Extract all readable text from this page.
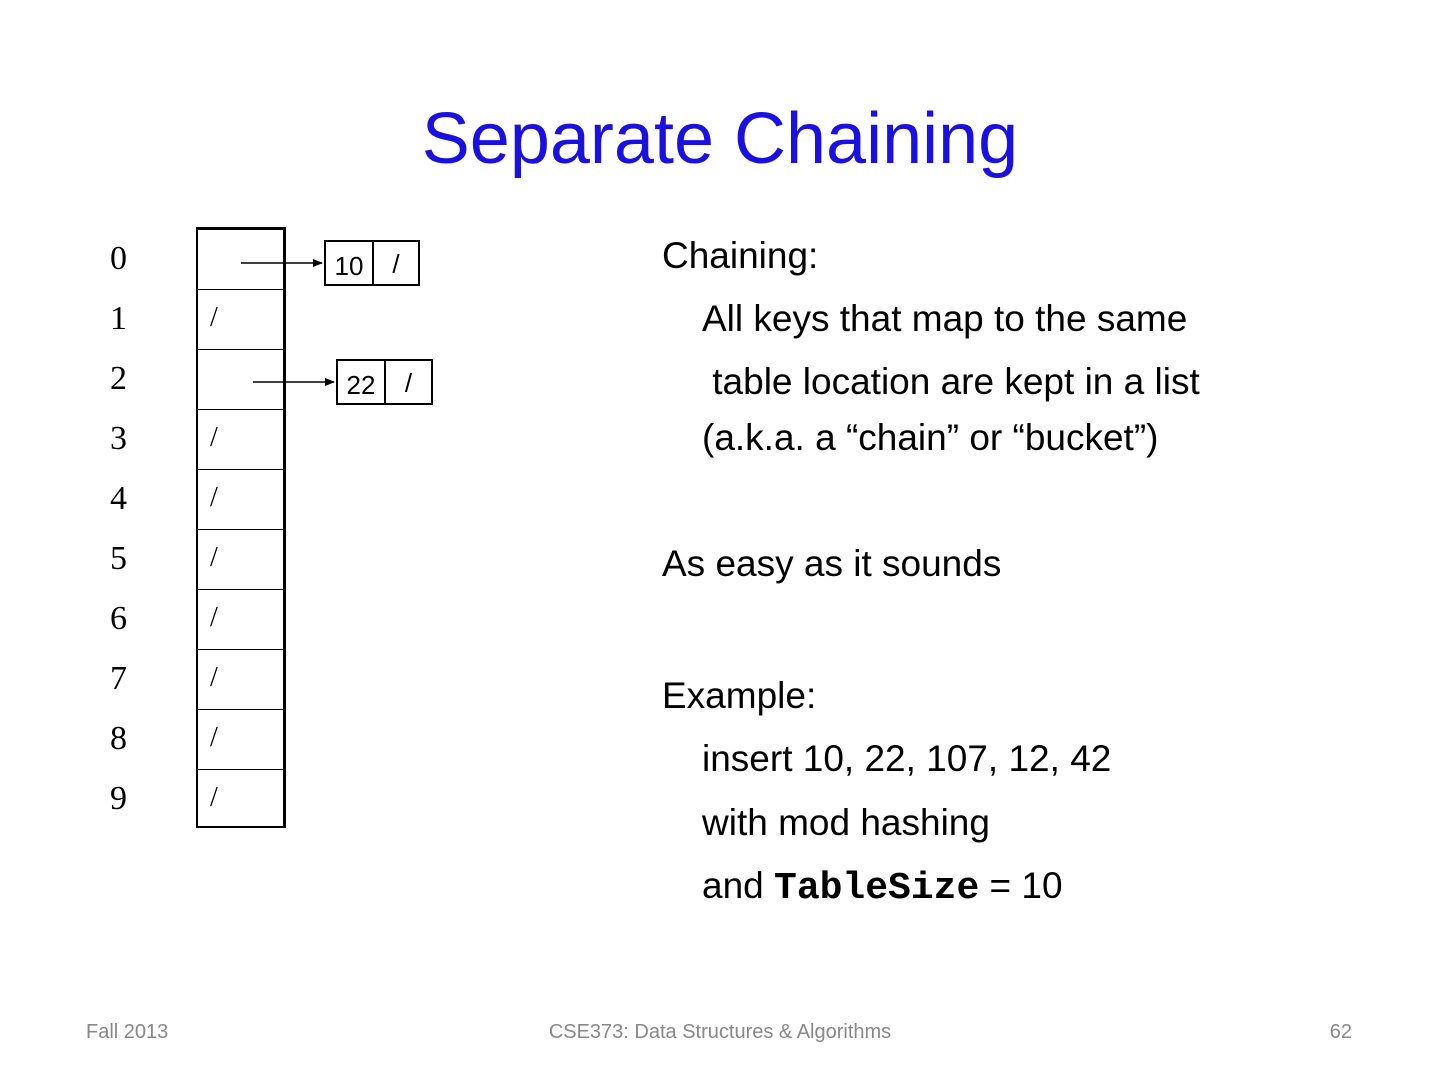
Separate Chaining
0
1
2
3
4
5
6
7
8
9
/
/
/
/
/
/
/
/
10	/
22	/
Chaining:
All keys that map to the same
table location are kept in a list
(a.k.a. a “chain” or “bucket”)
As easy as it sounds
Example:
insert 10, 22, 107, 12, 42
with mod hashing
and TableSize = 10
Fall 2013	CSE373: Data Structures & Algorithms	62
